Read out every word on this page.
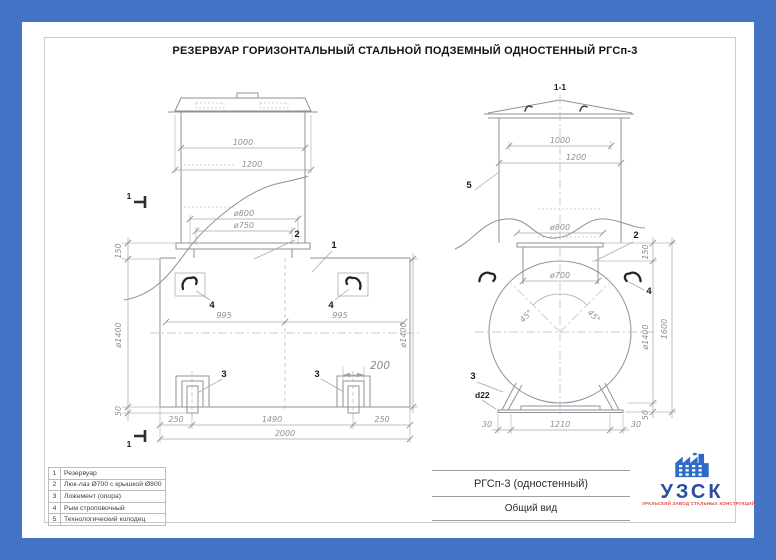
РЕЗЕРВУАР ГОРИЗОНТАЛЬНЫЙ СТАЛЬНОЙ ПОДЗЕМНЫЙ ОДНОСТЕННЫЙ РГСп-3
1000
1200
ø800
ø750
995	995
150
ø1400
50
ø1400
250	1490	250
2000
200
2
1
4	4
3	3
1
1
1-1
1000
1200
ø800
ø700
45°	45°
150
ø1400 1600
50
30	1210	30
5
2
4
3
d22
1	Резервуар
2	Люк-лаз Ø700 с крышкой Ø800
3	Ложемент (опора)
4	Рым строповочный
5	Технологический колодец
РГСп-3 (одностенный)
Общий вид
УЗСК
УРАЛЬСКИЙ ЗАВОД СТАЛЬНЫХ КОНСТРУКЦИЙ
